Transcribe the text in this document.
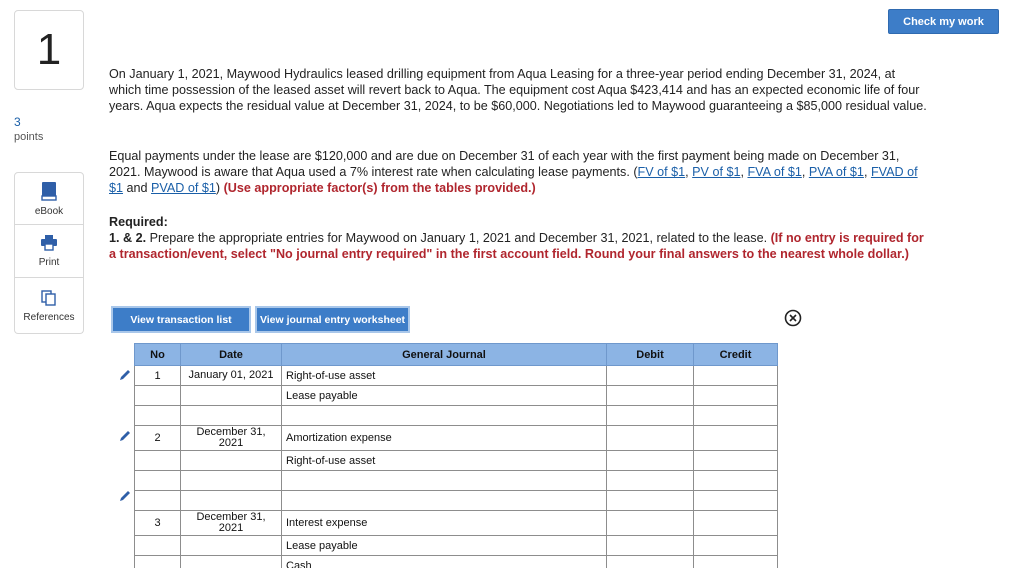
1
3
points
eBook
Print
References
Check my work
On January 1, 2021, Maywood Hydraulics leased drilling equipment from Aqua Leasing for a three-year period ending December 31, 2024, at which time possession of the leased asset will revert back to Aqua. The equipment cost Aqua $423,414 and has an expected economic life of four years. Aqua expects the residual value at December 31, 2024, to be $60,000. Negotiations led to Maywood guaranteeing a $85,000 residual value.
Equal payments under the lease are $120,000 and are due on December 31 of each year with the first payment being made on December 31, 2021. Maywood is aware that Aqua used a 7% interest rate when calculating lease payments. (FV of $1, PV of $1, FVA of $1, PVA of $1, FVAD of $1 and PVAD of $1) (Use appropriate factor(s) from the tables provided.)
Required:
1. & 2. Prepare the appropriate entries for Maywood on January 1, 2021 and December 31, 2021, related to the lease. (If no entry is required for a transaction/event, select "No journal entry required" in the first account field. Round your final answers to the nearest whole dollar.)
View transaction list	View journal entry worksheet
No	Date	General Journal	Debit	Credit
1	January 01, 2021	Right-of-use asset		
		Lease payable		

2	December 31, 2021	Amortization expense		
		Right-of-use asset		

3	December 31, 2021	Interest expense		
		Lease payable		
		Cash		
